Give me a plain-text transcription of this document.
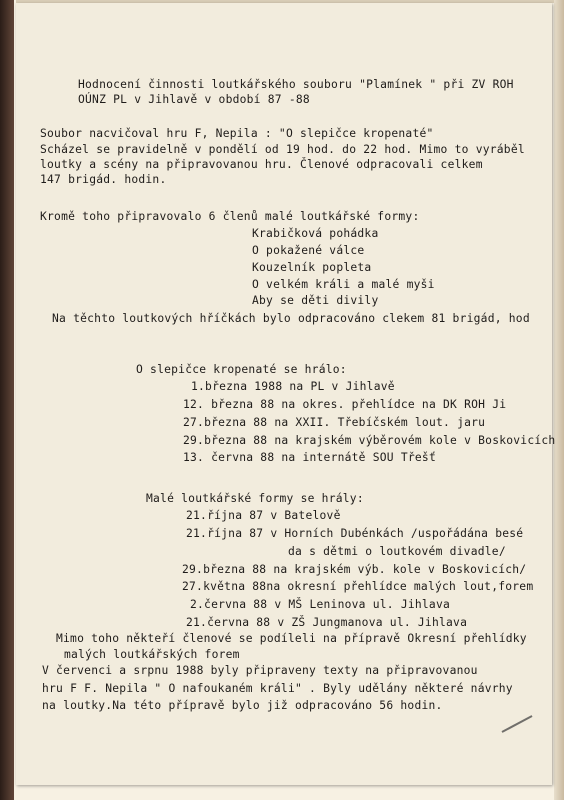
Hodnocení činnosti loutkářského souboru "Plamínek " při ZV ROH
OÚNZ PL v Jihlavě v období 87 -88
Soubor nacvičoval hru F, Nepila : "O slepičce kropenaté"
Scházel se pravidelně v pondělí od 19 hod. do 22 hod. Mimo to vyráběl
loutky a scény na připravovanou hru. Členové odpracovali celkem
147 brigád. hodin.
Kromě toho připravovalo 6 členů malé loutkářské formy:
Krabičková pohádka
O pokažené válce
Kouzelník popleta
O velkém králi a malé myši
Aby se děti divily
Na těchto loutkových hříčkách bylo odpracováno clekem 81 brigád, hod
O slepičce kropenaté se hrálo:
1.března 1988 na PL v Jihlavě
12. března 88 na okres. přehlídce na DK ROH Ji
27.března 88 na XXII. Třebíčském lout. jaru
29.března 88 na krajském výběrovém kole v Boskovicích
13. června 88 na internátě SOU Třešť
Malé loutkářské formy se hrály:
21.října 87 v Batelově
21.října 87 v Horních Dubénkách /uspořádána besé
da s dětmi o loutkovém divadle/
29.března 88 na krajském výb. kole v Boskovicích/
27.května 88na okresní přehlídce malých lout,forem
2.června 88 v MŠ Leninova ul. Jihlava
21.června 88 v ZŠ Jungmanova ul. Jihlava
Mimo toho někteří členové se podíleli na přípravě Okresní přehlídky
malých loutkářských forem
V červenci a srpnu 1988 byly připraveny texty na připravovanou
hru F F. Nepila " O nafoukaném králi" . Byly udělány některé návrhy
na loutky.Na této přípravě bylo již odpracováno 56 hodin.
